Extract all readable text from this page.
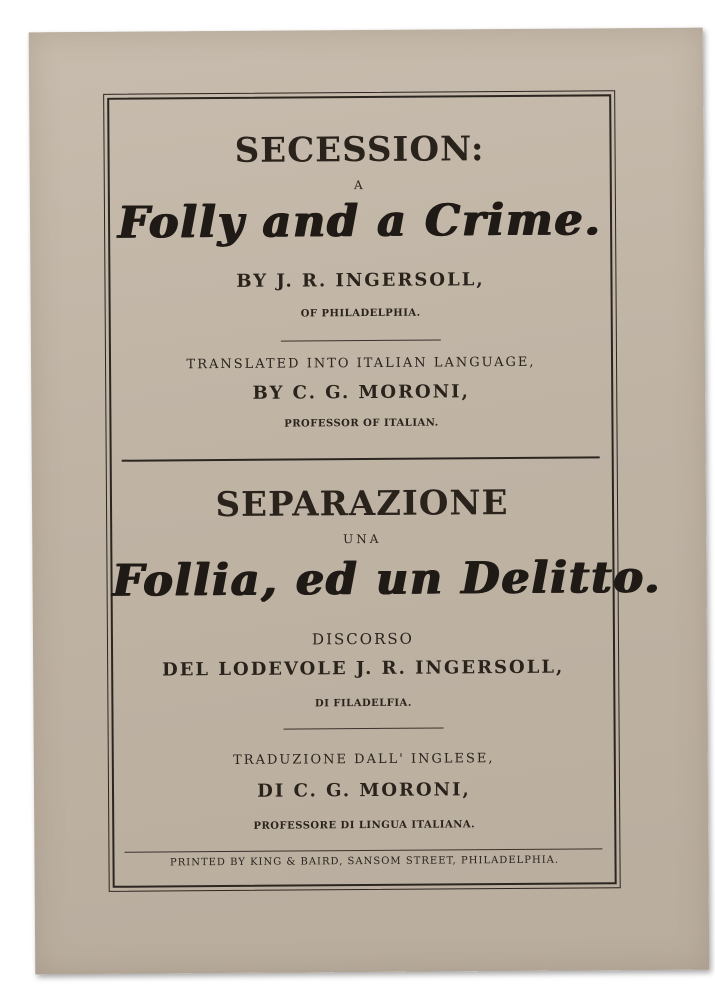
SECESSION:
A
Folly and a Crime.
BY J. R. INGERSOLL,
OF PHILADELPHIA.
TRANSLATED INTO ITALIAN LANGUAGE,
BY C. G. MORONI,
PROFESSOR OF ITALIAN.
SEPARAZIONE
UNA
Follia, ed un Delitto.
DISCORSO
DEL LODEVOLE J. R. INGERSOLL,
DI FILADELFIA.
TRADUZIONE DALL' INGLESE,
DI C. G. MORONI,
PROFESSORE DI LINGUA ITALIANA.
PRINTED BY KING & BAIRD, SANSOM STREET, PHILADELPHIA.
